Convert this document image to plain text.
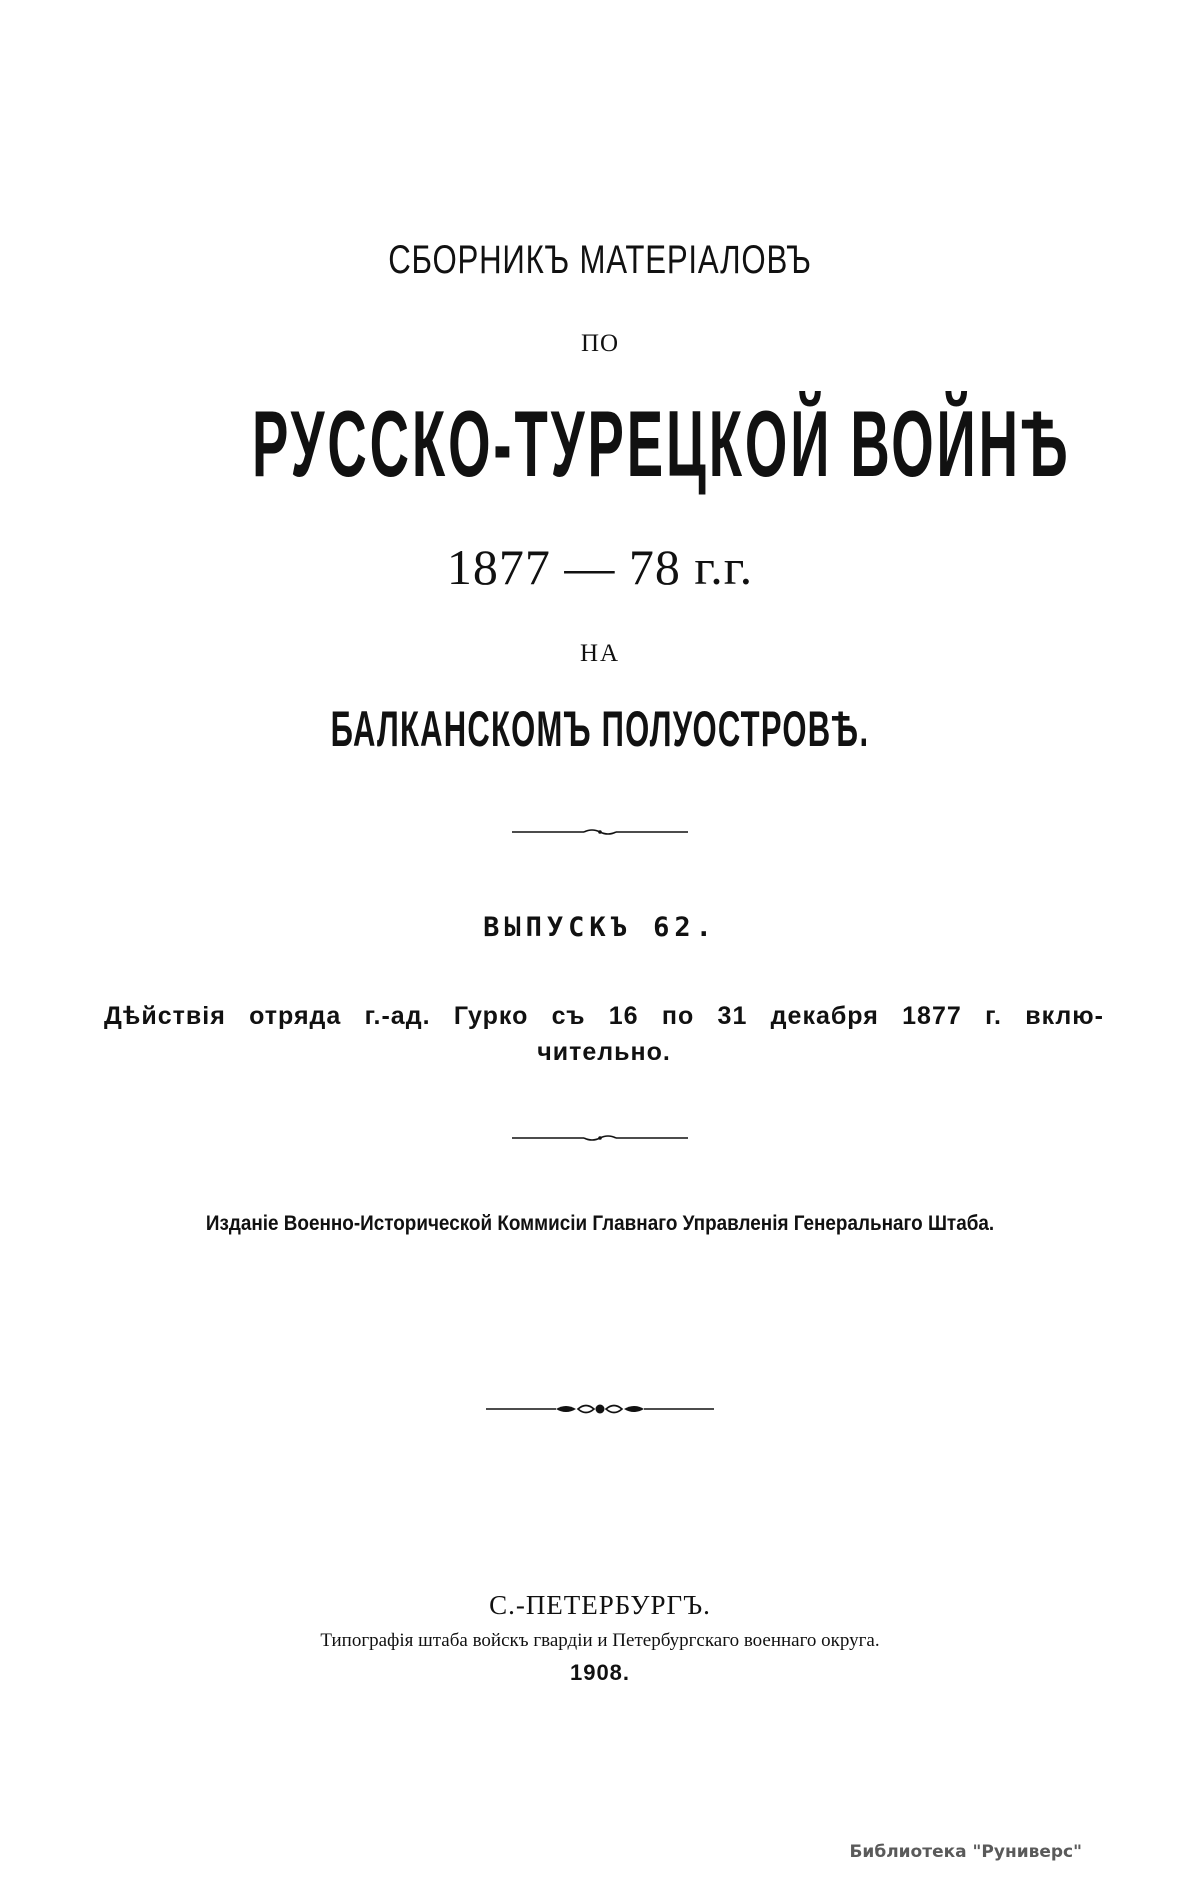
СБОРНИКЪ МАТЕРІАЛОВЪ

ПО

РУССКО-ТУРЕЦКОЙ ВОЙНѢ

1877 — 78 г.г.

НА

БАЛКАНСКОМЪ ПОЛУОСТРОВѢ.

ВЫПУСКЪ 62.

Дѣйствія отряда г.-ад. Гурко съ 16 по 31 декабря 1877 г. вклю-
чительно.

Изданіе Военно-Исторической Коммисіи Главнаго Управленія Генеральнаго Штаба.

С.-ПЕТЕРБУРГЪ.

Типографія штаба войскъ гвардіи и Петербургскаго военнаго округа.

1908.

Библиотека "Руниверс"
